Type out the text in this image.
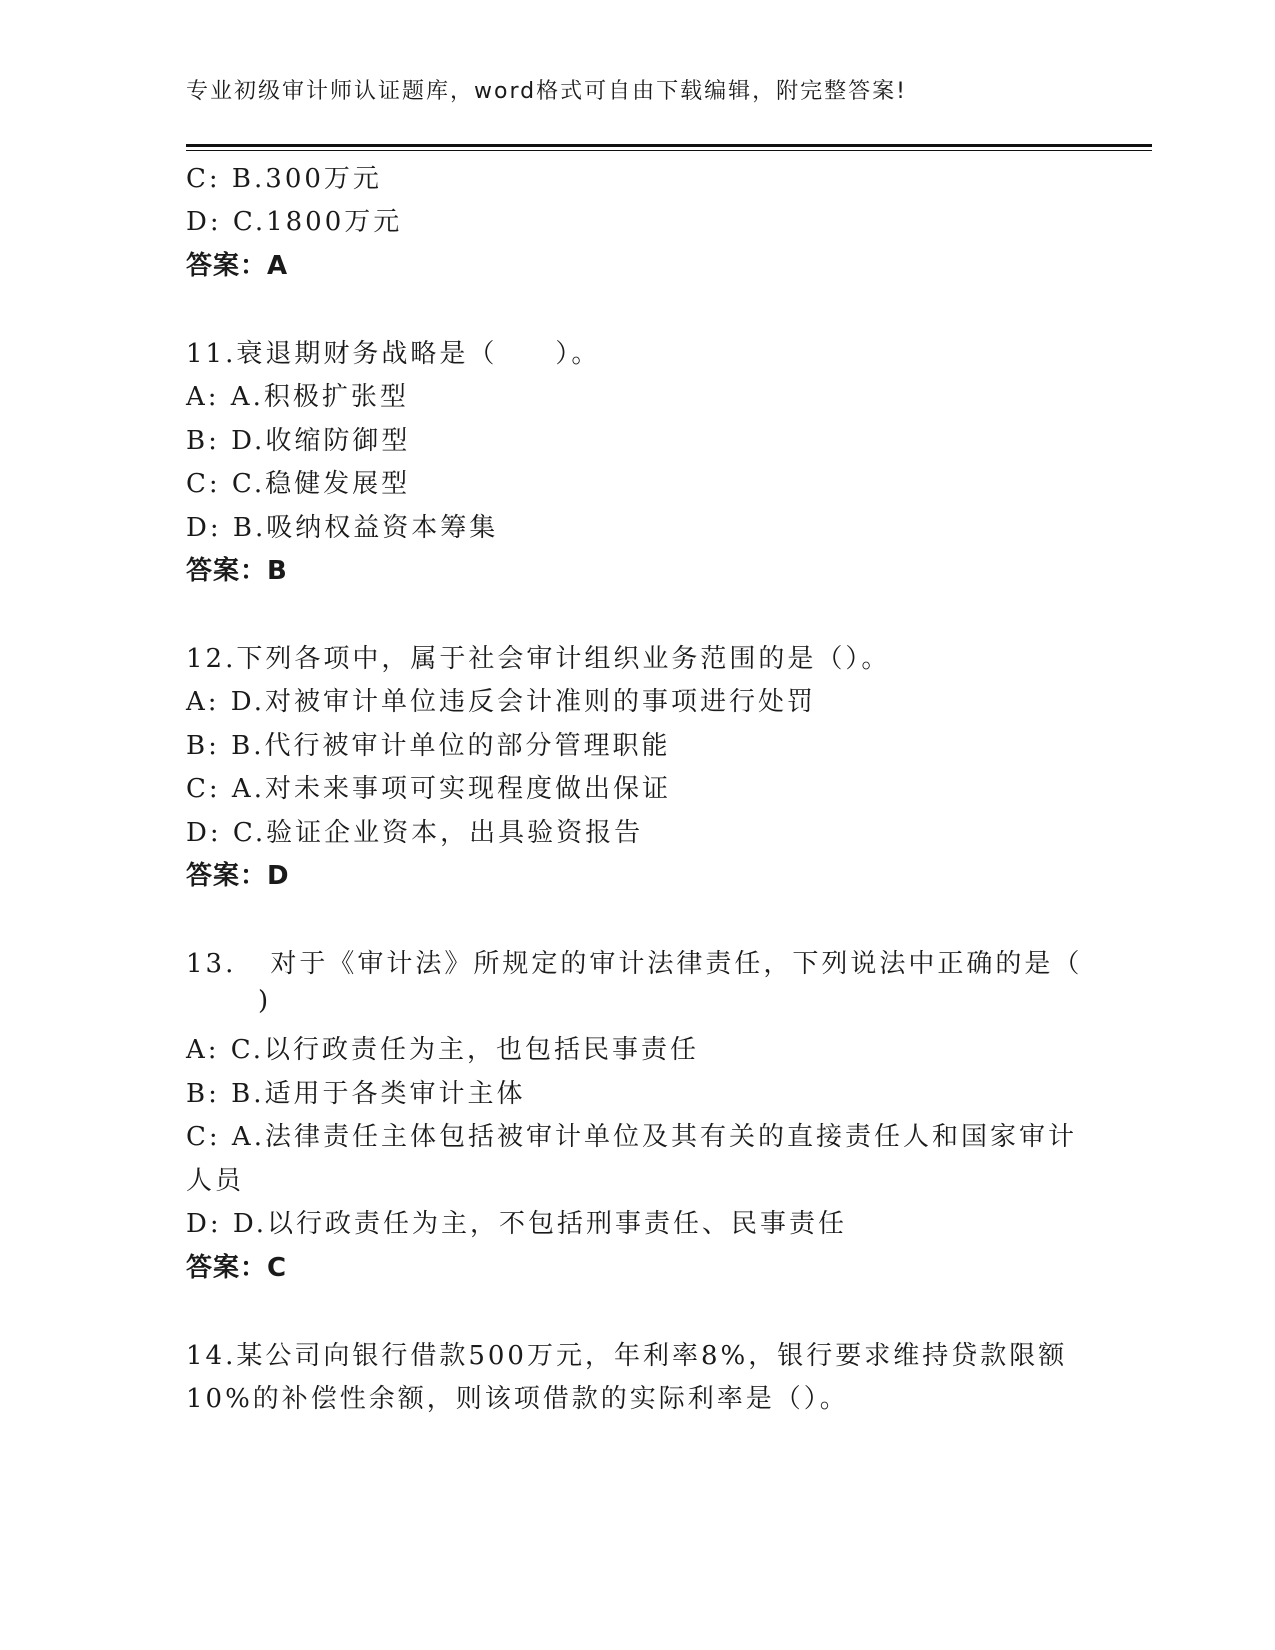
专业初级审计师认证题库，word格式可自由下载编辑，附完整答案!
C: B.300万元
D: C.1800万元
答案：A
11.衰退期财务战略是（　　）。
A: A.积极扩张型
B: D.收缩防御型
C: C.稳健发展型
D: B.吸纳权益资本筹集
答案：B
12.下列各项中，属于社会审计组织业务范围的是（）。
A: D.对被审计单位违反会计准则的事项进行处罚
B: B.代行被审计单位的部分管理职能
C: A.对未来事项可实现程度做出保证
D: C.验证企业资本，出具验资报告
答案：D
13. 对于《审计法》所规定的审计法律责任，下列说法中正确的是（
)
A: C.以行政责任为主，也包括民事责任
B: B.适用于各类审计主体
C: A.法律责任主体包括被审计单位及其有关的直接责任人和国家审计
人员
D: D.以行政责任为主，不包括刑事责任、民事责任
答案：C
14.某公司向银行借款500万元，年利率8%，银行要求维持贷款限额
10%的补偿性余额，则该项借款的实际利率是（）。
